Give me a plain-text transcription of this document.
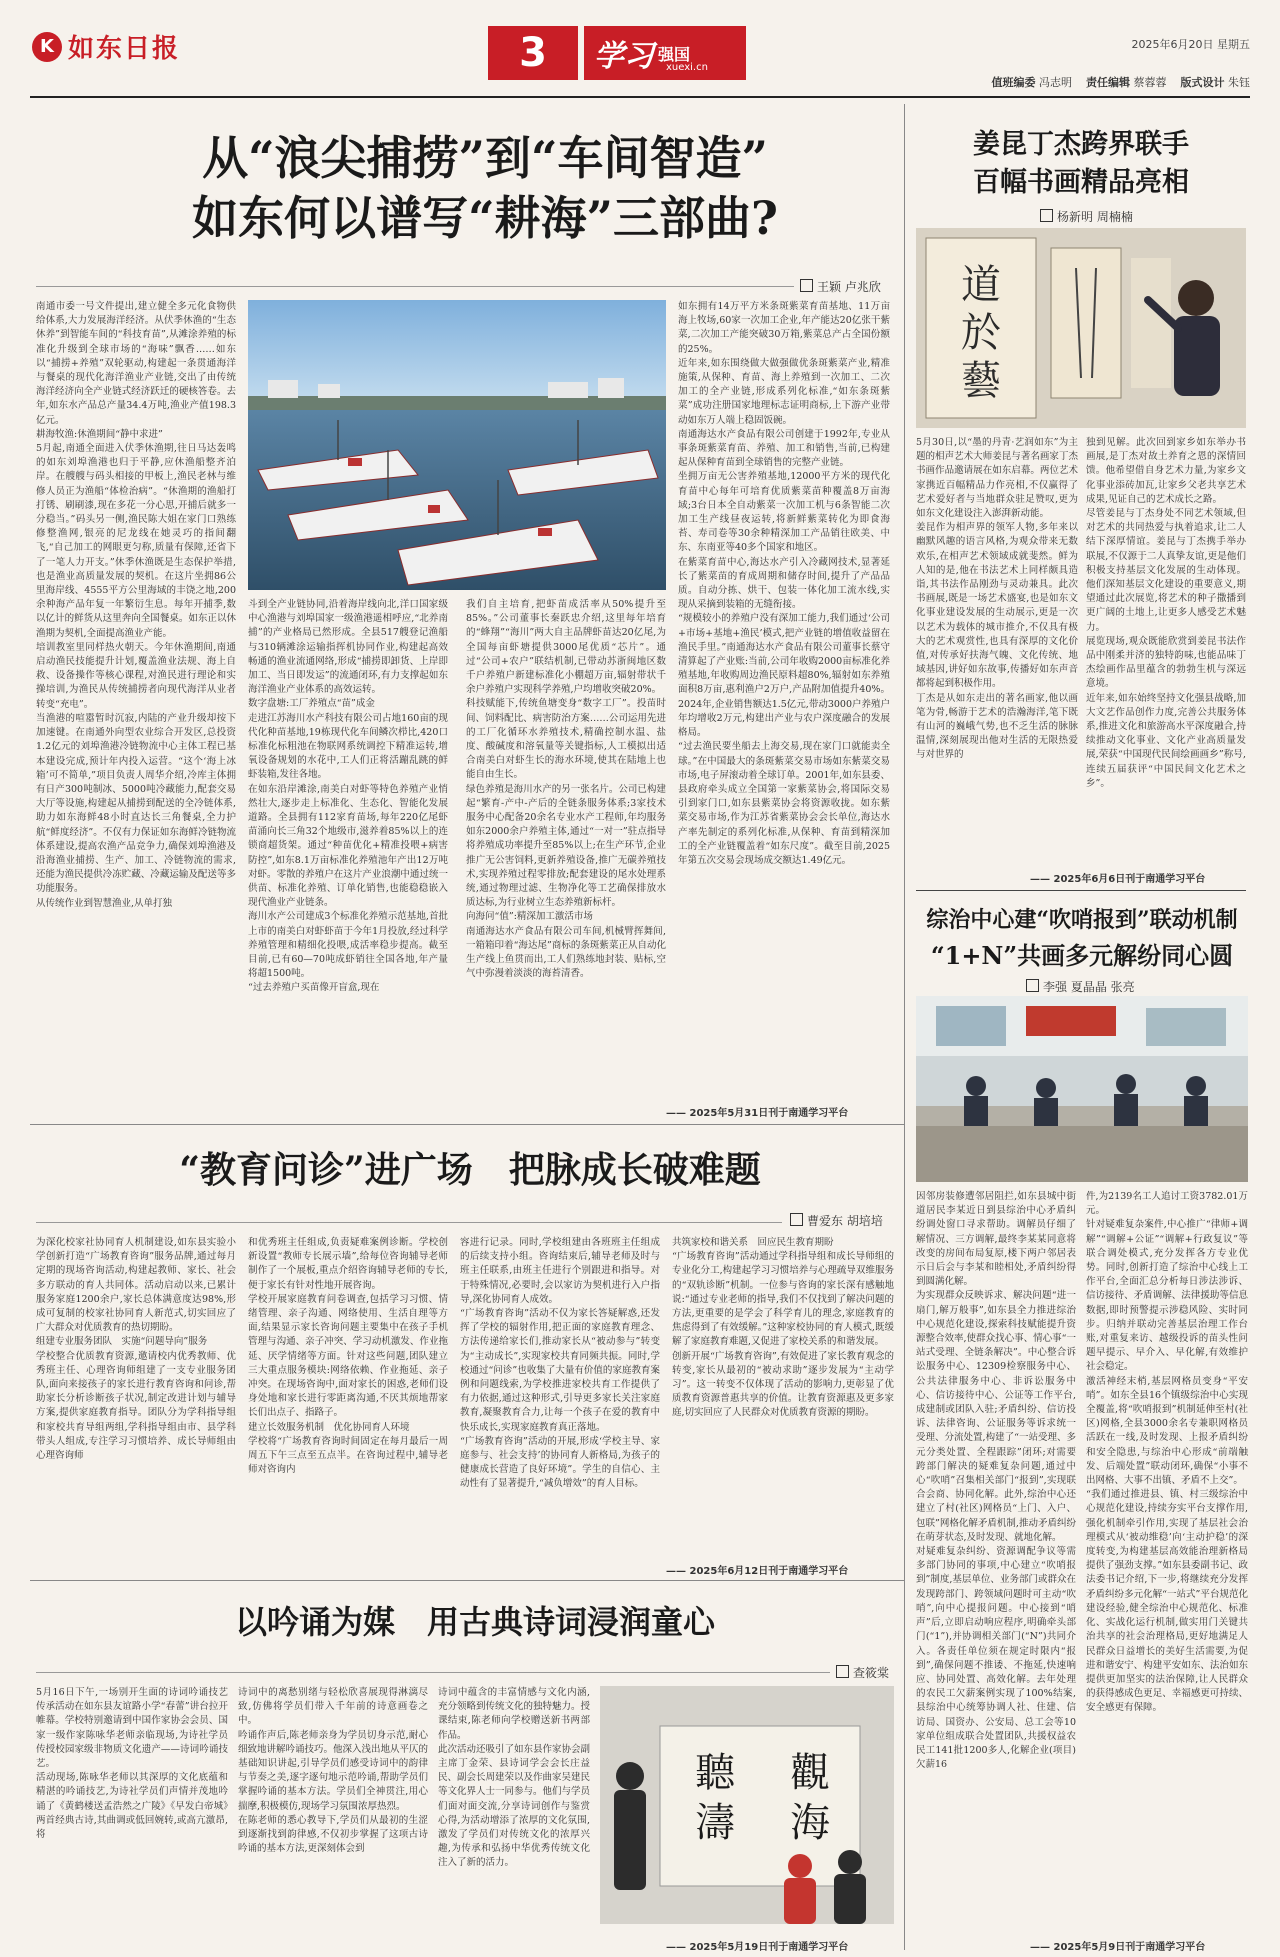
K 如东日报	3	学习 强国
xuexi.cn
2025年6月20日 星期五
值班编委 冯志明 责任编辑 蔡蓉蓉 版式设计 朱钰
从“浪尖捕捞”到“车间智造”
如东何以谱写“耕海”三部曲?
王颖 卢兆欣
南通市委一号文件提出,建立健全多元化食物供给体系,大力发展海洋经济。从伏季休渔的“生态休养”到智能车间的“科技育苗”,从滩涂养殖的标准化升级到全球市场的“海味”飘香……如东以“捕捞+养殖”双轮驱动,构建起一条贯通海洋与餐桌的现代化海洋渔业产业链,交出了由传统海洋经济向全产业链式经济跃迁的硬核答卷。去年,如东水产品总产量34.4万吨,渔业产值198.3亿元。
耕海牧渔:休渔期间“静中求进”
5月起,南通全面进入伏季休渔期,往日马达轰鸣的如东刘埠渔港也归于平静,应休渔船整齐泊岸。在艘艘与码头相接的甲板上,渔民老林与维修人员正为渔船“体检治病”。“休渔期的渔船打打锈、刷刷漆,现在多花一分心思,开捕后就多一分稳当。”码头另一侧,渔民陈大姐在家门口熟练修整渔网,银亮的尼龙线在她灵巧的指间翻飞,“自己加工的网眼更匀称,质量有保障,还省下了一笔人力开支。”休季休渔既是生态保护举措,也是渔业高质量发展的契机。在这片坐拥86公里海岸线、4555平方公里海域的丰饶之地,200余种海产品年复一年繁衍生息。每年开捕季,数以亿计的鲜货从这里奔向全国餐桌。如东正以休渔期为契机,全面提高渔业产能。
培训教室里同样热火朝天。今年休渔期间,南通启动渔民技能提升计划,覆盖渔业法规、海上自救、设备操作等核心课程,对渔民进行理论和实操培训,为渔民从传统捕捞者向现代海洋从业者转变“充电”。
当渔港的喧嚣暂时沉寂,内陆的产业升级却按下加速键。在南通外向型农业综合开发区,总投资1.2亿元的刘埠渔港冷链物流中心主体工程已基本建设完成,预计年内投入运营。“这个‘海上冰箱’可不简单,”项目负责人周华介绍,冷库主体拥有日产300吨制冰、5000吨冷藏能力,配套交易大厅等设施,构建起从捕捞到配送的全冷链体系,助力如东海鲜48小时直达长三角餐桌,全力护航“鲜度经济”。不仅有力保证如东海鲜冷链物流体系建设,提高农渔产品竞争力,确保刘埠渔港及沿海渔业捕捞、生产、加工、冷链物流的需求,还能为渔民提供冷冻贮藏、冷藏运输及配送等多功能服务。
从传统作业到智慧渔业,从单打独
斗到全产业链协同,沿着海岸线向北,洋口国家级中心渔港与刘埠国家一级渔港遥相呼应,“北养南捕”的产业格局已然形成。全县517艘登记渔船与310辆滩涂运输指挥机协同作业,构建起高效畅通的渔业流通网络,形成“捕捞即卸货、上岸即加工、当日即发运”的流通闭环,有力支撑起如东海洋渔业产业体系的高效运转。
数字盘塘:工厂养殖点“苗”成金
走进江苏海川水产科技有限公司占地160亩的现代化种苗基地,19栋现代化车间鳞次栉比,420口标准化标粗池在物联网系统调控下精准运转,增氧设备规划的水花中,工人们正将活蹦乱跳的鲜虾装箱,发往各地。
在如东沿岸滩涂,南美白对虾等特色养殖产业悄然壮大,逐步走上标准化、生态化、智能化发展道路。全县拥有112家育苗场,每年220亿尾虾苗涌向长三角32个地级市,滋养着85%以上的连锁商超货架。通过“种苗优化+精准投喂+病害防控”,如东8.1万亩标准化养殖池年产出12万吨对虾。零散的养殖户在这片产业浪潮中通过统一供苗、标准化养殖、订单化销售,也能稳稳嵌入现代渔业产业链条。
海川水产公司建成3个标准化养殖示范基地,首批上市的南美白对虾虾苗于今年1月投放,经过科学养殖管理和精细化投喂,成活率稳步提高。截至目前,已有60—70吨成虾销往全国各地,年产量将超1500吨。
“过去养殖户买苗像开盲盒,现在
我们自主培育,把虾苗成活率从50%提升至85%。”公司董事长秦跃忠介绍,这里每年培育的“蜂翔”“海川”两大自主品牌虾苗达20亿尾,为全国每亩虾塘提供3000尾优质“芯片”。通过“公司+农户”联结机制,已带动苏浙闽地区数千户养殖户新建标准化小棚超万亩,辐射带状千余户养殖户实现科学养殖,户均增收突破20%。
科技赋能下,传统鱼塘变身“数字工厂”。投苗时间、饲料配比、病害防治方案……公司运用先进的工厂化循环水养殖技术,精确控制水温、盐度、酸碱度和溶氧量等关键指标,人工模拟出适合南美白对虾生长的海水环境,使其在陆地上也能自由生长。
绿色养殖是海川水产的另一张名片。公司已构建起“繁育-产中-产后的全链条服务体系;3家技术服务中心配备20余名专业水产工程师,年均服务如东2000余户养殖主体,通过“一对一”驻点指导将养殖成功率提升至85%以上;在生产环节,企业推广无公害饲料,更新养殖设备,推广无碳养殖技术,实现养殖过程零排放;配套建设的尾水处理系统,通过物理过滤、生物净化等工艺确保排放水质达标,为行业树立生态养殖新标杆。
向海问“值”:精深加工激活市场
南通海达水产食品有限公司车间,机械臂挥舞间,一箱箱印着“海达尾”商标的条斑紫菜正从自动化生产线上鱼贯而出,工人们熟练地封装、贴标,空气中弥漫着淡淡的海苔清香。
如东拥有14万平方米条斑紫菜育苗基地、11万亩海上牧场,60家一次加工企业,年产能达20亿张干紫菜,二次加工产能突破30万箱,紫菜总产占全国份额的25%。
近年来,如东围绕做大做强做优条斑紫菜产业,精准施策,从保种、育苗、海上养殖到一次加工、二次加工的全产业链,形成系列化标准,“如东条斑紫菜”成功注册国家地理标志证明商标,上下游产业带动如东万人端上稳固饭碗。
南通海达水产食品有限公司创建于1992年,专业从事条斑紫菜育苗、养殖、加工和销售,当前,已构建起从保种育苗到全球销售的完整产业链。
坐拥万亩无公害养殖基地,12000平方米的现代化育苗中心每年可培育优质紫菜苗种覆盖8万亩海域;3台日本全自动紫菜一次加工机与6条智能二次加工生产线昼夜运转,将新鲜紫菜转化为即食海苔、寿司卷等30余种精深加工产品销往欧美、中东、东南亚等40多个国家和地区。
在紫菜育苗中心,海达水产引入冷藏网技术,显著延长了紫菜苗的育成周期和储存时间,提升了产品品质。自动分拣、烘干、包装一体化加工流水线,实现从采摘到装箱的无缝衔接。
“规模较小的养殖户没有深加工能力,我们通过‘公司+市场+基地+渔民’模式,把产业链的增值收益留在渔民手里。”南通海达水产食品有限公司董事长蔡守清算起了产业账:当前,公司年收购2000亩标准化养殖基地,年收购周边渔民原料超80%,辐射如东养殖面积8万亩,惠利渔户2万户,产品附加值提升40%。2024年,企业销售额达1.5亿元,带动3000户养殖户年均增收2万元,构建出产业与农户深度融合的发展格局。
“过去渔民要坐船去上海交易,现在家门口就能卖全球。”在中国最大的条斑紫菜交易市场如东紫菜交易市场,电子屏滚动着全球订单。2001年,如东县委、县政府牵头成立全国第一家紫菜协会,将国际交易引到家门口,如东县紫菜协会将资源收拢。如东紫菜交易市场,作为江苏省紫菜协会会长单位,海达水产率先制定的系列化标准,从保种、育苗到精深加工的全产业链覆盖着“如东尺度”。截至目前,2025年第五次交易会现场成交额达1.49亿元。
—— 2025年5月31日刊于南通学习平台
姜昆丁杰跨界联手
百幅书画精品亮相
杨新明 周楠楠
道
於
藝
5月30日,以“墨的丹青·艺润如东”为主题的相声艺术大师姜昆与著名画家丁杰书画作品邀请展在如东启幕。两位艺术家携近百幅精品力作亮相,不仅赢得了艺术爱好者与当地群众驻足赞叹,更为如东文化建设注入澎湃新动能。
姜昆作为相声界的领军人物,多年来以幽默风趣的语言风格,为观众带来无数欢乐,在相声艺术领域成就斐然。鲜为人知的是,他在书法艺术上同样颇具造诣,其书法作品刚劲与灵动兼具。此次书画展,既是一场艺术盛宴,也是如东文化事业建设发展的生动展示,更是一次以艺术为载体的城市推介,不仅具有极大的艺术观赏性,也具有深厚的文化价值,对传承好扶海气魄、文化传统、地域基因,讲好如东故事,传播好如东声音都将起到积极作用。
丁杰是从如东走出的著名画家,他以画笔为骨,畅游于艺术的浩瀚海洋,笔下既有山河的巍峨气势,也不乏生活的脉脉温情,深刻展现出他对生活的无限热爱与对世界的
独到见解。此次回到家乡如东举办书画展,是丁杰对故土养育之恩的深情回馈。他希望借自身艺术力量,为家乡文化事业添砖加瓦,让家乡父老共享艺术成果,见证自己的艺术成长之路。
尽管姜昆与丁杰身处不同艺术领域,但对艺术的共同热爱与执着追求,让二人结下深厚情谊。姜昆与丁杰携手举办联展,不仅源于二人真挚友谊,更是他们积极支持基层文化发展的生动体现。他们深知基层文化建设的重要意义,期望通过此次展览,将艺术的种子撒播到更广阔的土地上,让更多人感受艺术魅力。
展览现场,观众既能欣赏到姜昆书法作品中刚柔并济的独特韵味,也能品味丁杰绘画作品里蕴含的勃勃生机与深远意境。
近年来,如东始终坚持文化强县战略,加大文艺作品创作力度,完善公共服务体系,推进文化和旅游高水平深度融合,持续推动文化事业、文化产业高质量发展,荣获“中国现代民间绘画画乡”称号,连续五届获评“中国民间文化艺术之乡”。
—— 2025年6月6日刊于南通学习平台
综治中心建“吹哨报到”联动机制
“1+N”共画多元解纷同心圆
李强 夏晶晶 张亮
因邻房装修遭邻居阻拦,如东县城中街道居民李某近日到县综治中心矛盾纠纷调处窗口寻求帮助。调解员仔细了解情况、三方调解,最终李某某同意将改变的房间布局复原,楼下两户邻居表示日后会与李某和睦相处,矛盾纠纷得到圆满化解。
为实现群众反映诉求、解决问题“进一扇门,解万般事”,如东县全力推进综治中心规范化建设,探索科技赋能提升资源整合效率,使群众找心事、情心事“一站式受理、全链条解决”。中心整合诉讼服务中心、12309检察服务中心、公共法律服务中心、非诉讼服务中心、信访接待中心、公证等工作平台,成建制或团队入驻;矛盾纠纷、信访投诉、法律咨询、公证服务等诉求统一受理、分流处置,构建了“一站受理、多元分类处置、全程跟踪”闭环;对需要跨部门解决的疑难复杂问题,通过中心“吹哨”召集相关部门“报到”,实现联合会商、协同化解。此外,综治中心还建立了村(社区)网格员“上门、入户、包联”网格化解矛盾机制,推动矛盾纠纷在萌芽状态,及时发现、就地化解。
对疑难复杂纠纷、资源调配争议等需多部门协同的事项,中心建立“吹哨报到”制度,基层单位、业务部门或群众在发现跨部门、跨领域问题时可主动“吹哨”,向中心提报问题。中心接到“哨声”后,立即启动响应程序,明确牵头部门(“1”),并协调相关部门(“N”)共同介入。各责任单位须在规定时限内“报到”,确保问题不推诿、不拖延,快速响应、协同处置、高效化解。去年处理的农民工欠薪案例实现了100%结案,县综治中心统筹协调人社、住建、信访局、国资办、公安局、总工会等10家单位组成联合处置团队,共援权益农民工141批1200多人,化解企业(项目)欠薪16
件,为2139名工人追讨工资3782.01万元。
针对疑难复杂案件,中心推广“律师+调解”“调解+公证”“调解+行政复议”等联合调处模式,充分发挥各方专业优势。同时,创新打造了综治中心线上工作平台,全面汇总分析每日涉法涉诉、信访接待、矛盾调解、法律援助等信息数据,即时预警提示涉稳风险、实时同步。归纳并联动完善基层治理工作台账,对重复来访、越级投诉的苗头性问题早提示、早介入、早化解,有效维护社会稳定。
激活神经末梢,基层网格员变身“平安哨”。如东全县16个镇级综治中心实现全覆盖,将“吹哨报到”机制延伸至村(社区)网格,全县3000余名专兼职网格员活跃在一线,及时发现、上报矛盾纠纷和安全隐患,与综治中心形成“前端触发、后端处置”联动闭环,确保“小事不出网格、大事不出镇、矛盾不上交”。
“我们通过推进县、镇、村三级综治中心规范化建设,持续夯实平台支撑作用,强化机制牵引作用,实现了基层社会治理模式从‘被动维稳’向‘主动护稳’的深度转变,为构建基层高效能治理新格局提供了强劲支撑。”如东县委副书记、政法委书记介绍,下一步,将继续充分发挥矛盾纠纷多元化解“一站式”平台规范化建设经验,健全综治中心规范化、标准化、实战化运行机制,做实用门关键共治共享的社会治理格局,更好地满足人民群众日益增长的美好生活需要,为促进和谐安宁、构建平安如东、法治如东提供更加坚实的法治保障,让人民群众的获得感成色更足、幸福感更可持续、安全感更有保障。
—— 2025年5月9日刊于南通学习平台
“教育问诊”进广场　把脉成长破难题
曹爱东 胡培培
为深化校家社协同育人机制建设,如东县实验小学创新打造“广场教育咨询”服务品牌,通过每月定期的现场咨询活动,构建起教师、家长、社会多方联动的育人共同体。活动启动以来,已累计服务家庭1200余户,家长总体满意度达98%,形成可复制的校家社协同育人新范式,切实回应了广大群众对优质教育的热切期盼。
组建专业服务团队　实施“问题导向”服务
学校整合优质教育资源,邀请校内优秀教师、优秀班主任、心理咨询师组建了一支专业服务团队,面向来接孩子的家长进行教育咨询和问诊,帮助家长分析诊断孩子状况,制定改进计划与辅导方案,提供家庭教育指导。团队分为学科指导组和家校共育导组两组,学科指导组由市、县学科带头人组成,专注学习习惯培养、成长导师组由心理咨询师
和优秀班主任组成,负责疑难案例诊断。学校创新设置“教师专长展示墙”,给每位咨询辅导老师制作了一个展板,重点介绍咨询辅导老师的专长,便于家长有针对性地开展咨询。
学校开展家庭教育问卷调查,包括学习习惯、情绪管理、亲子沟通、网络使用、生活自理等方面,结果显示家长咨询问题主要集中在孩子手机管理与沟通、亲子冲突、学习动机激发、作业拖延、厌学情绪等方面。针对这些问题,团队建立三大重点服务模块:网络依赖、作业拖延、亲子冲突。在现场咨询中,面对家长的困惑,老师们设身处地和家长进行零距离沟通,不厌其烦地帮家长们出点子、指路子。
建立长效服务机制　优化协同育人环境
学校将“广场教育咨询时间固定在每月最后一周周五下午三点至五点半。在咨询过程中,辅导老师对咨询内
容进行记录。同时,学校组建由各班班主任组成的后续支持小组。咨询结束后,辅导老师及时与班主任联系,由班主任进行个别跟进和指导。对于特殊情况,必要时,会以家访为契机进行入户指导,深化协同育人成效。
“广场教育咨询”活动不仅为家长答疑解惑,还发挥了学校的辐射作用,把正面的家庭教育理念、方法传递给家长们,推动家长从“被动参与”转变为“主动成长”,实现家校共育同频共振。同时,学校通过“问诊”也收集了大量有价值的家庭教育案例和问题线索,为学校推进家校共育工作提供了有力依据,通过这种形式,引导更多家长关注家庭教育,凝聚教育合力,让每一个孩子在爱的教育中快乐成长,实现家庭教育真正落地。
“广场教育咨询”活动的开展,形成‘学校主导、家庭参与、社会支持’的协同育人新格局,为孩子的健康成长营造了良好环境”。学生的自信心、主动性有了显著提升,“减负增效”的育人目标。
共筑家校和谐关系　回应民生教育期盼
“广场教育咨询”活动通过学科指导组和成长导师组的专业化分工,构建起学习习惯培养与心理疏导双维服务的“双轨诊断”机制。一位参与咨询的家长深有感触地说:“通过专业老师的指导,我们不仅找到了解决问题的方法,更重要的是学会了科学育儿的理念,家庭教育的焦虑得到了有效缓解。”这种家校协同的育人模式,既缓解了家庭教育难题,又促进了家校关系的和谐发展。
创新开展“广场教育咨询”,有效促进了家长教育观念的转变,家长从最初的“被动求助”逐步发展为“主动学习”。这一转变不仅体现了活动的影响力,更彰显了优质教育资源普惠共享的价值。让教育资源惠及更多家庭,切实回应了人民群众对优质教育资源的期盼。
—— 2025年6月12日刊于南通学习平台
以吟诵为媒　用古典诗词浸润童心
查筱棠
5月16日下午,一场别开生面的诗词吟诵技艺传承活动在如东县友谊路小学“春蕾”讲台拉开帷幕。学校特别邀请到中国作家协会会员、国家一级作家陈咏华老师亲临现场,为诗社学员传授校园家级非物质文化遗产——诗词吟诵技艺。
活动现场,陈咏华老师以其深厚的文化底蕴和精湛的吟诵技艺,为诗社学员们声情并茂地吟诵了《黄鹤楼送孟浩然之广陵》《早发白帝城》两首经典古诗,其曲调或低回婉转,或高亢激昂,将
诗词中的离愁别绪与轻松欣喜展现得淋漓尽致,仿佛将学员们带入千年前的诗意画卷之中。
吟诵作声后,陈老师亲身为学员切身示范,耐心细致地讲解吟诵技巧。他深入浅出地从平仄的基础知识讲起,引导学员们感受诗词中的韵律与节奏之美,逐字逐句地示范吟诵,帮助学员们掌握吟诵的基本方法。学员们全神贯注,用心揣摩,积极模仿,现场学习氛围浓厚热烈。
在陈老师的悉心教导下,学员们从最初的生涩到逐渐找到韵律感,不仅初步掌握了这项古诗吟诵的基本方法,更深刻体会到
诗词中蕴含的丰富情感与文化内涵,充分领略到传统文化的独特魅力。授课结束,陈老师向学校赠送新书两部作品。
此次活动还吸引了如东县作家协会副主席丁金荣、县诗词学会会长庄益民、副会长周建荣以及作曲家吴建民等文化界人士一同参与。他们与学员们面对面交流,分享诗词创作与鉴赏心得,为活动增添了浓厚的文化氛围,激发了学员们对传统文化的浓厚兴趣,为传承和弘扬中华优秀传统文化注入了新的活力。
聽
濤
觀
海
—— 2025年5月19日刊于南通学习平台
